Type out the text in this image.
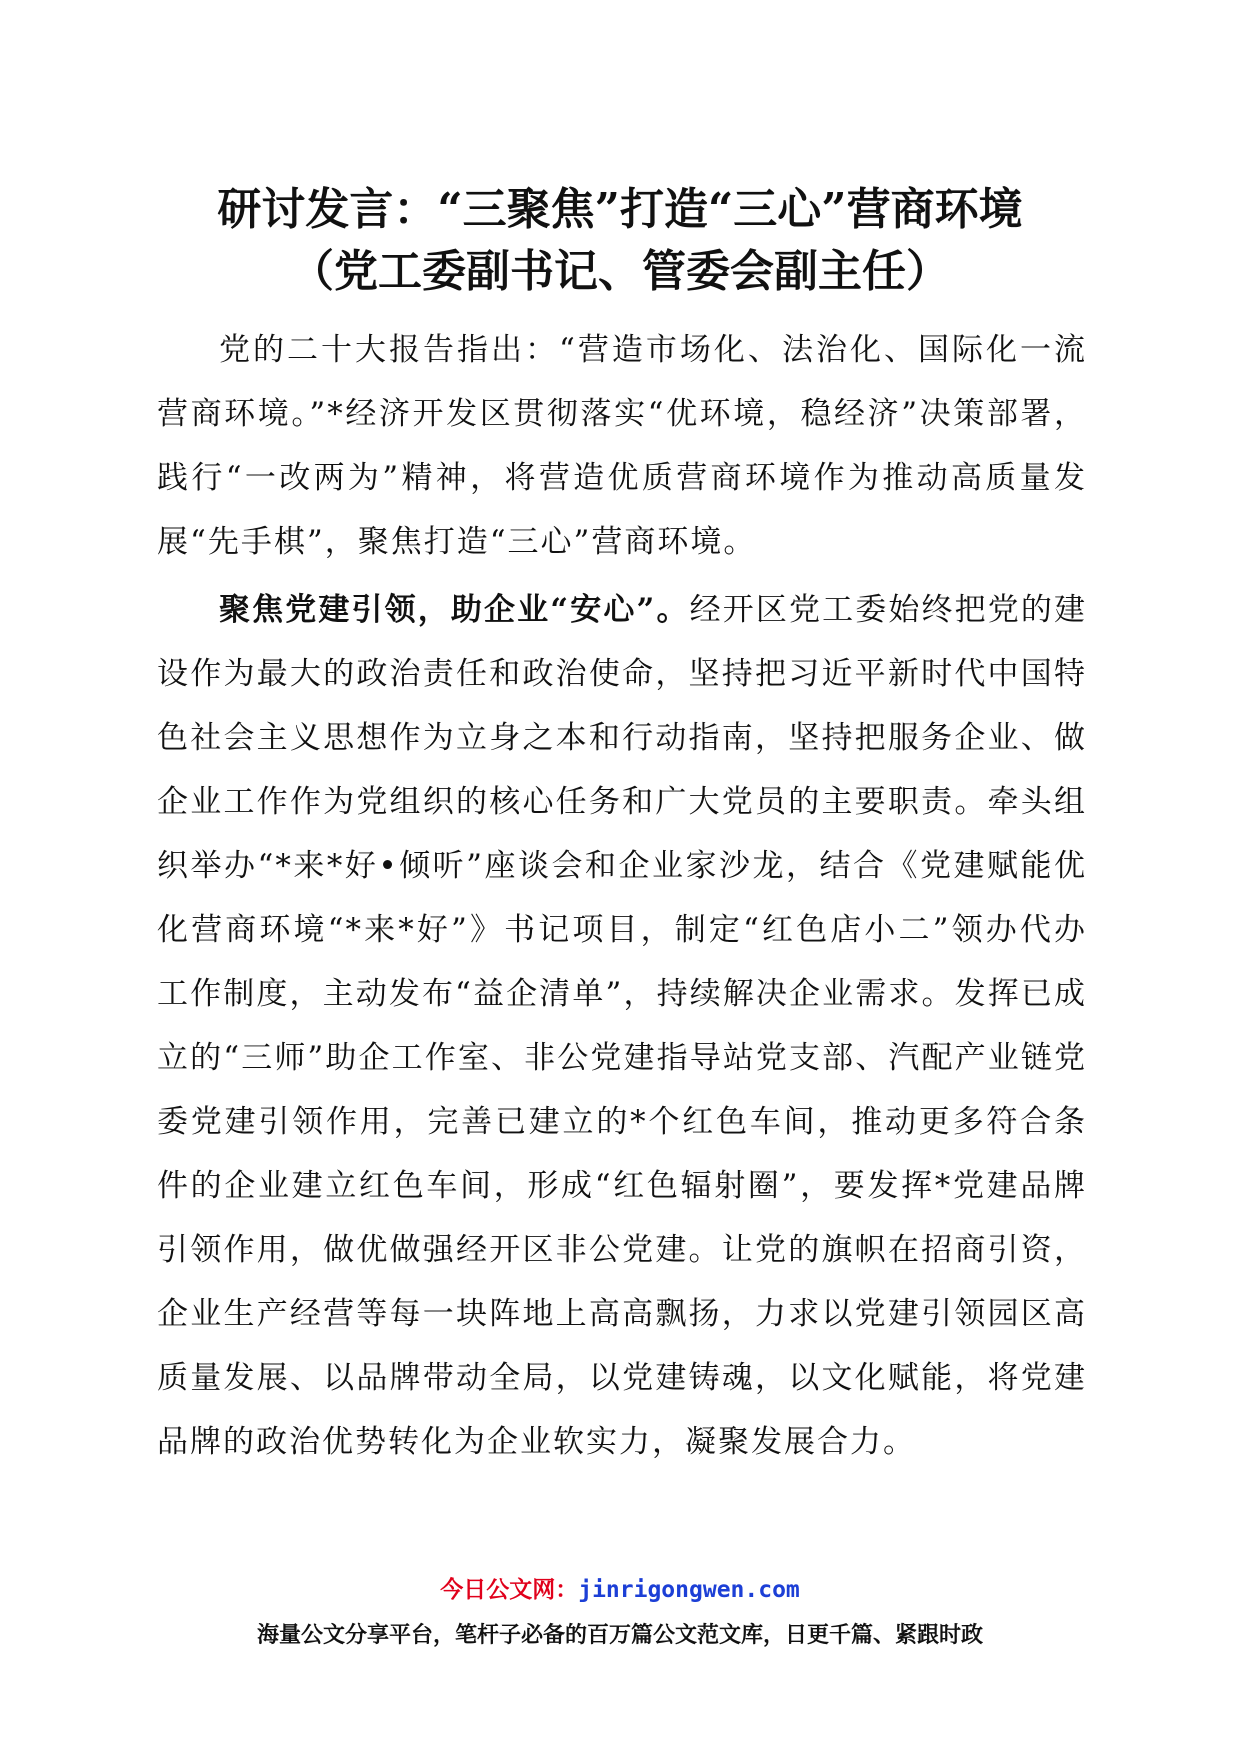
研讨发言：“三聚焦”打造“三心”营商环境
（党工委副书记、管委会副主任）

党的二十大报告指出：“营造市场化、法治化、国际化一流营商环境。”*经济开发区贯彻落实“优环境，稳经济”决策部署，践行“一改两为”精神，将营造优质营商环境作为推动高质量发展“先手棋”，聚焦打造“三心”营商环境。

聚焦党建引领，助企业“安心”。经开区党工委始终把党的建设作为最大的政治责任和政治使命，坚持把习近平新时代中国特色社会主义思想作为立身之本和行动指南，坚持把服务企业、做企业工作作为党组织的核心任务和广大党员的主要职责。牵头组织举办“*来*好•倾听”座谈会和企业家沙龙，结合《党建赋能优化营商环境“*来*好”》书记项目，制定“红色店小二”领办代办工作制度，主动发布“益企清单”，持续解决企业需求。发挥已成立的“三师”助企工作室、非公党建指导站党支部、汽配产业链党委党建引领作用，完善已建立的*个红色车间，推动更多符合条件的企业建立红色车间，形成“红色辐射圈”，要发挥*党建品牌引领作用，做优做强经开区非公党建。让党的旗帜在招商引资，企业生产经营等每一块阵地上高高飘扬，力求以党建引领园区高质量发展、以品牌带动全局，以党建铸魂，以文化赋能，将党建品牌的政治优势转化为企业软实力，凝聚发展合力。

今日公文网：jinrigongwen.com
海量公文分享平台，笔杆子必备的百万篇公文范文库，日更千篇、紧跟时政
